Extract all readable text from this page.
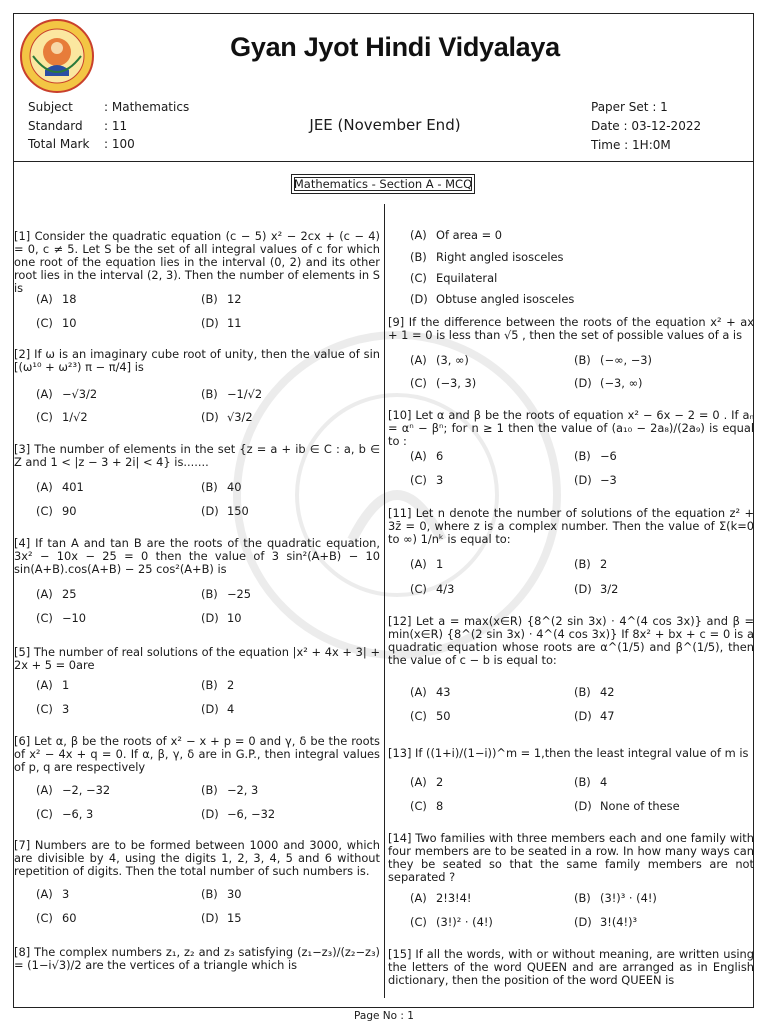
Gyan Jyot Hindi Vidyalaya
Subject	: Mathematics
Standard	: 11
Total Mark	: 100
JEE (November End)
Paper Set : 1
Date : 03-12-2022
Time : 1H:0M
Mathematics - Section A - MCQ
[1] Consider the quadratic equation (c − 5) x² − 2cx + (c − 4) = 0, c ≠ 5. Let S be the set of all integral values of c for which one root of the equation lies in the interval (0, 2) and its other root lies in the interval (2, 3). Then the number of elements in S is
(A) 18	(B) 12
(C) 10	(D) 11
[2] If ω is an imaginary cube root of unity, then the value of sin [(ω¹⁰ + ω²³) π − π/4] is
(A) −√3/2	(B) −1/√2
(C) 1/√2	(D) √3/2
[3] The number of elements in the set {z = a + ib ∈ C : a, b ∈ Z and 1 < |z − 3 + 2i| < 4} is.......
(A) 401	(B) 40
(C) 90	(D) 150
[4] If tan A and tan B are the roots of the quadratic equation, 3x² − 10x − 25 = 0 then the value of 3 sin²(A+B) − 10 sin(A+B).cos(A+B) − 25 cos²(A+B) is
(A) 25	(B) −25
(C) −10	(D) 10
[5] The number of real solutions of the equation |x² + 4x + 3| + 2x + 5 = 0are
(A) 1	(B) 2
(C) 3	(D) 4
[6] Let α, β be the roots of x² − x + p = 0 and γ, δ be the roots of x² − 4x + q = 0. If α, β, γ, δ are in G.P., then integral values of p, q are respectively
(A) −2, −32	(B) −2, 3
(C) −6, 3	(D) −6, −32
[7] Numbers are to be formed between 1000 and 3000, which are divisible by 4, using the digits 1, 2, 3, 4, 5 and 6 without repetition of digits. Then the total number of such numbers is.
(A) 3	(B) 30
(C) 60	(D) 15
[8] The complex numbers z₁, z₂ and z₃ satisfying (z₁−z₃)/(z₂−z₃) = (1−i√3)/2 are the vertices of a triangle which is
(A) Of area = 0
(B) Right angled isosceles
(C) Equilateral
(D) Obtuse angled isosceles
[9] If the difference between the roots of the equation x² + ax + 1 = 0 is less than √5 , then the set of possible values of a is
(A) (3, ∞)	(B) (−∞, −3)
(C) (−3, 3)	(D) (−3, ∞)
[10] Let α and β be the roots of equation x² − 6x − 2 = 0 . If aₙ = αⁿ − βⁿ; for n ≥ 1 then the value of (a₁₀ − 2a₈)/(2a₉) is equal to :
(A) 6	(B) −6
(C) 3	(D) −3
[11] Let n denote the number of solutions of the equation z² + 3z̄ = 0, where z is a complex number. Then the value of Σ(k=0 to ∞) 1/nᵏ is equal to:
(A) 1	(B) 2
(C) 4/3	(D) 3/2
[12] Let a = max(x∈R) {8^(2 sin 3x) · 4^(4 cos 3x)} and β = min(x∈R) {8^(2 sin 3x) · 4^(4 cos 3x)} If 8x² + bx + c = 0 is a quadratic equation whose roots are α^(1/5) and β^(1/5), then the value of c − b is equal to:
(A) 43	(B) 42
(C) 50	(D) 47
[13] If ((1+i)/(1−i))^m = 1,then the least integral value of m is
(A) 2	(B) 4
(C) 8	(D) None of these
[14] Two families with three members each and one family with four members are to be seated in a row. In how many ways can they be seated so that the same family members are not separated ?
(A) 2!3!4!	(B) (3!)³ · (4!)
(C) (3!)² · (4!)	(D) 3!(4!)³
[15] If all the words, with or without meaning, are written using the letters of the word QUEEN and are arranged as in English dictionary, then the position of the word QUEEN is
Page No : 1
